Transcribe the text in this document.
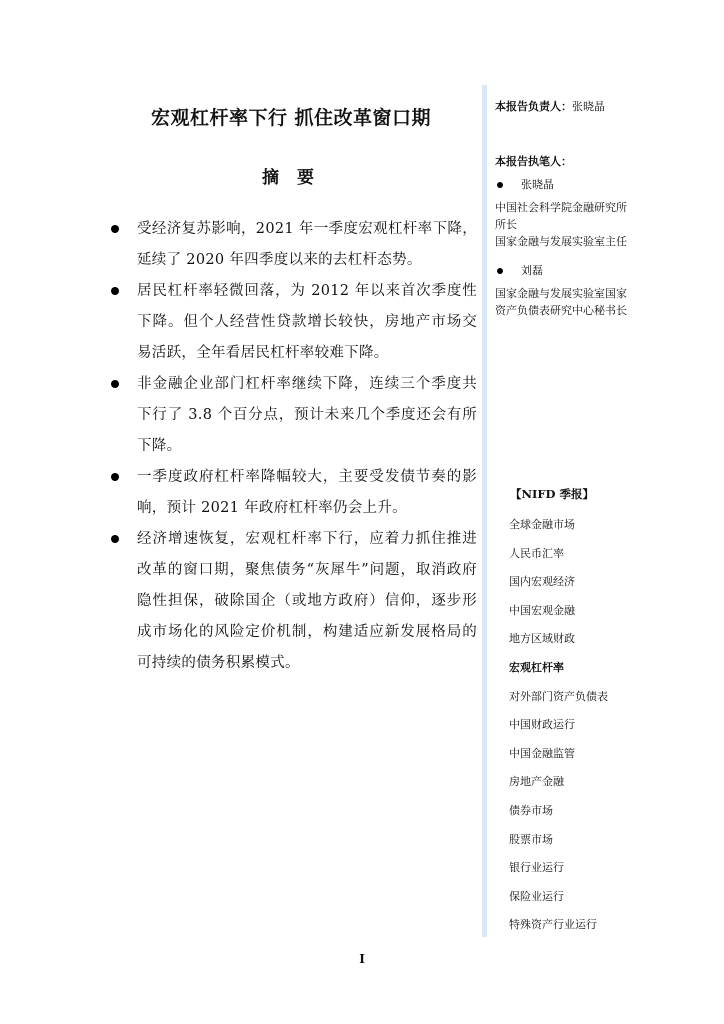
宏观杠杆率下行 抓住改革窗口期
摘 要
受经济复苏影响，2021 年一季度宏观杠杆率下降，延续了 2020 年四季度以来的去杠杆态势。
居民杠杆率轻微回落，为 2012 年以来首次季度性下降。但个人经营性贷款增长较快，房地产市场交易活跃，全年看居民杠杆率较难下降。
非金融企业部门杠杆率继续下降，连续三个季度共下行了 3.8 个百分点，预计未来几个季度还会有所下降。
一季度政府杠杆率降幅较大，主要受发债节奏的影响，预计 2021 年政府杠杆率仍会上升。
经济增速恢复，宏观杠杆率下行，应着力抓住推进改革的窗口期，聚焦债务“灰犀牛”问题，取消政府隐性担保，破除国企（或地方政府）信仰，逐步形成市场化的风险定价机制，构建适应新发展格局的可持续的债务积累模式。
本报告负责人：张晓晶
本报告执笔人：
张晓晶
中国社会科学院金融研究所所长
国家金融与发展实验室主任
刘磊
国家金融与发展实验室国家资产负债表研究中心秘书长
【NIFD 季报】
全球金融市场
人民币汇率
国内宏观经济
中国宏观金融
地方区域财政
宏观杠杆率
对外部门资产负债表
中国财政运行
中国金融监管
房地产金融
债券市场
股票市场
银行业运行
保险业运行
特殊资产行业运行
I
